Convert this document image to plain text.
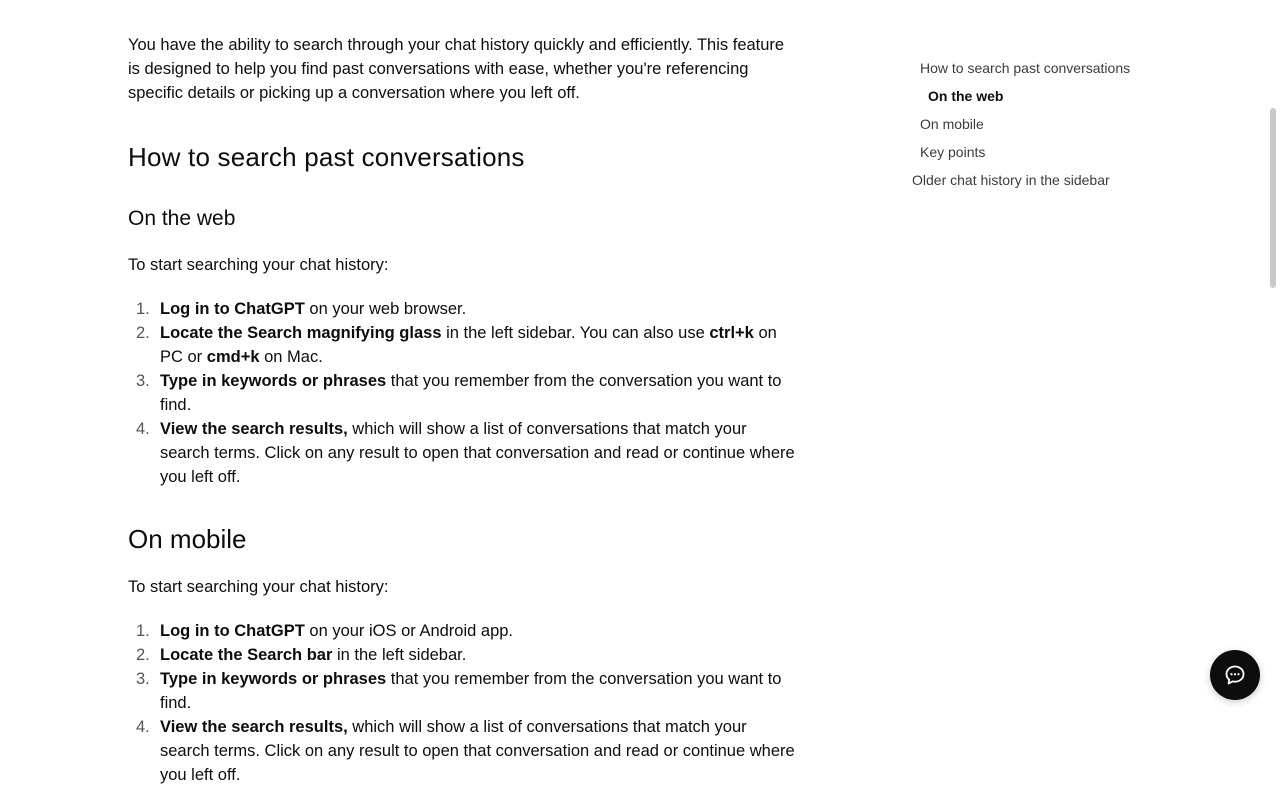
You have the ability to search through your chat history quickly and efficiently. This feature is designed to help you find past conversations with ease, whether you're referencing specific details or picking up a conversation where you left off.

How to search past conversations
On the web

To start searching your chat history:

1. Log in to ChatGPT on your web browser.
2. Locate the Search magnifying glass in the left sidebar. You can also use ctrl+k on PC or cmd+k on Mac.
3. Type in keywords or phrases that you remember from the conversation you want to find.
4. View the search results, which will show a list of conversations that match your search terms. Click on any result to open that conversation and read or continue where you left off.
On mobile

To start searching your chat history:

1. Log in to ChatGPT on your iOS or Android app.
2. Locate the Search bar in the left sidebar.
3. Type in keywords or phrases that you remember from the conversation you want to find.
4. View the search results, which will show a list of conversations that match your search terms. Click on any result to open that conversation and read or continue where you left off.
How to search past conversations
On the web
On mobile
Key points
Older chat history in the sidebar
